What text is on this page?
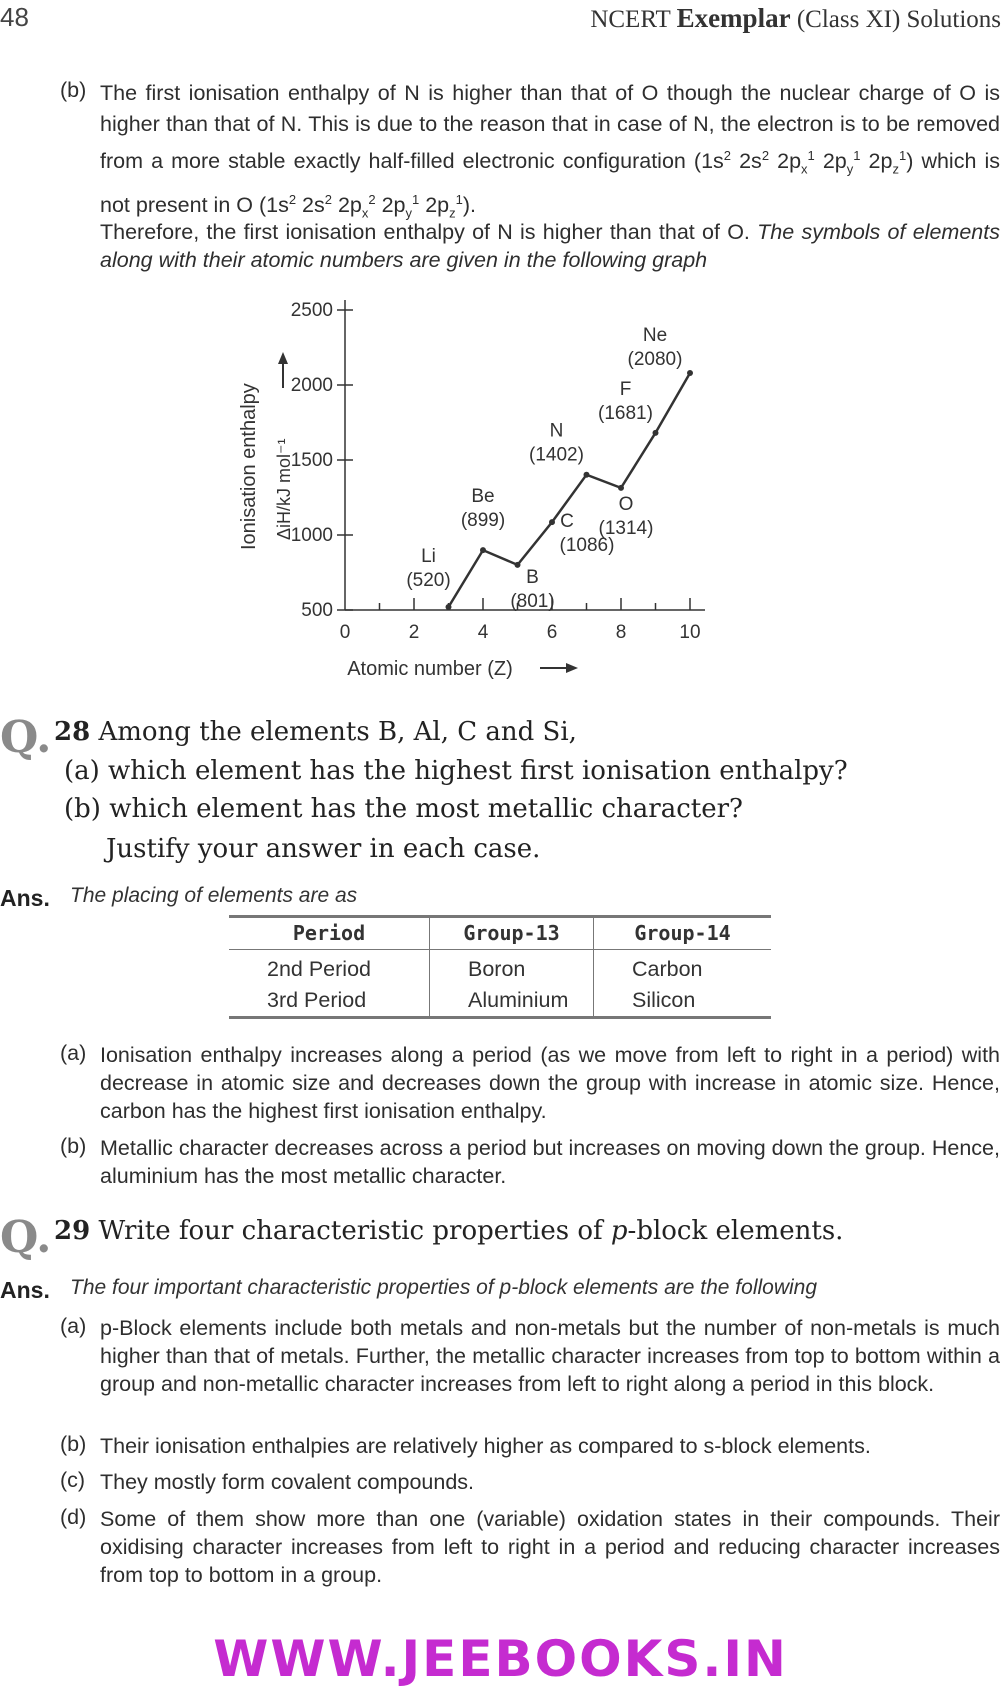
48	NCERT Exemplar (Class XI) Solutions
(b) The first ionisation enthalpy of N is higher than that of O though the nuclear charge of O is higher than that of N. This is due to the reason that in case of N, the electron is to be removed from a more stable exactly half-filled electronic configuration ($1s^2$ $2s^2$ $2p_x^1$ $2p_y^1$ $2p_z^1$) which is not present in O ($1s^2$ $2s^2$ $2p_x^2$ $2p_y^1$ $2p_z^1$).
Therefore, the first ionisation enthalpy of N is higher than that of O. The symbols of elements along with their atomic numbers are given in the following graph
500
1000
1500
2000
2500
0	2	4	6	8	10
Li
(520)
Be
(899)
B
(801)
C
(1086)
N
(1402)
O
(1314)
F
(1681)
Ne
(2080)
Ionisation enthalpy ΔiH/kJ mol⁻¹
Atomic number (Z)
Q. 28 Among the elements B, Al, C and Si,
(a) which element has the highest first ionisation enthalpy?
(b) which element has the most metallic character?
Justify your answer in each case.
Ans. The placing of elements are as
Period	Group-13	Group-14
2nd Period	Boron	Carbon
3rd Period	Aluminium	Silicon
(a) Ionisation enthalpy increases along a period (as we move from left to right in a period) with decrease in atomic size and decreases down the group with increase in atomic size. Hence, carbon has the highest first ionisation enthalpy.
(b) Metallic character decreases across a period but increases on moving down the group. Hence, aluminium has the most metallic character.
Q. 29 Write four characteristic properties of p-block elements.
Ans. The four important characteristic properties of p-block elements are the following
(a) p-Block elements include both metals and non-metals but the number of non-metals is much higher than that of metals. Further, the metallic character increases from top to bottom within a group and non-metallic character increases from left to right along a period in this block.
(b) Their ionisation enthalpies are relatively higher as compared to s-block elements.
(c) They mostly form covalent compounds.
(d) Some of them show more than one (variable) oxidation states in their compounds. Their oxidising character increases from left to right in a period and reducing character increases from top to bottom in a group.
WWW.JEEBOOKS.IN
